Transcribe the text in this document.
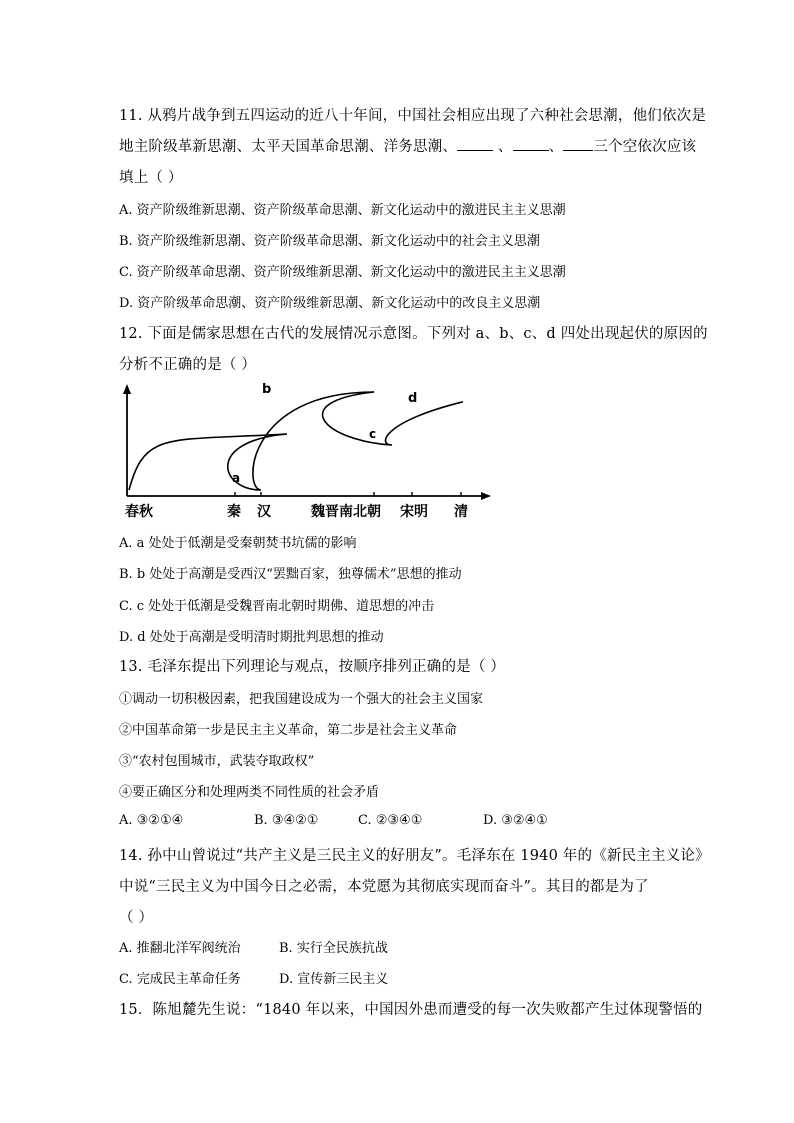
11. 从鸦片战争到五四运动的近八十年间，中国社会相应出现了六种社会思潮，他们依次是
地主阶级革新思潮、太平天国革命思潮、洋务思潮、 、 、 三个空依次应该
填上（ ）
A. 资产阶级维新思潮、资产阶级革命思潮、新文化运动中的激进民主主义思潮
B. 资产阶级维新思潮、资产阶级革命思潮、新文化运动中的社会主义思潮
C. 资产阶级革命思潮、资产阶级维新思潮、新文化运动中的激进民主主义思潮
D. 资产阶级革命思潮、资产阶级维新思潮、新文化运动中的改良主义思潮
12. 下面是儒家思想在古代的发展情况示意图。下列对 a、b、c、d 四处出现起伏的原因的
分析不正确的是（ ）
春秋	秦 汉	魏晋南北朝 宋明 清
a
b
c
d
A. a 处处于低潮是受秦朝焚书坑儒的影响
B. b 处处于高潮是受西汉“罢黜百家，独尊儒术”思想的推动
C. c 处处于低潮是受魏晋南北朝时期佛、道思想的冲击
D. d 处处于高潮是受明清时期批判思想的推动
13. 毛泽东提出下列理论与观点，按顺序排列正确的是（ ）
①调动一切积极因素，把我国建设成为一个强大的社会主义国家
②中国革命第一步是民主主义革命，第二步是社会主义革命
③“农村包围城市，武装夺取政权”
④要正确区分和处理两类不同性质的社会矛盾
A. ③②①④	B. ③④②①	C. ②③④①	D. ③②④①
14. 孙中山曾说过“共产主义是三民主义的好朋友”。毛泽东在 1940 年的《新民主主义论》
中说“三民主义为中国今日之必需，本党愿为其彻底实现而奋斗”。其目的都是为了
（ ）
A. 推翻北洋军阀统治	B. 实行全民族抗战
C. 完成民主革命任务	D. 宣传新三民主义
15．陈旭麓先生说：“1840 年以来，中国因外患而遭受的每一次失败都产生过体现警悟的
